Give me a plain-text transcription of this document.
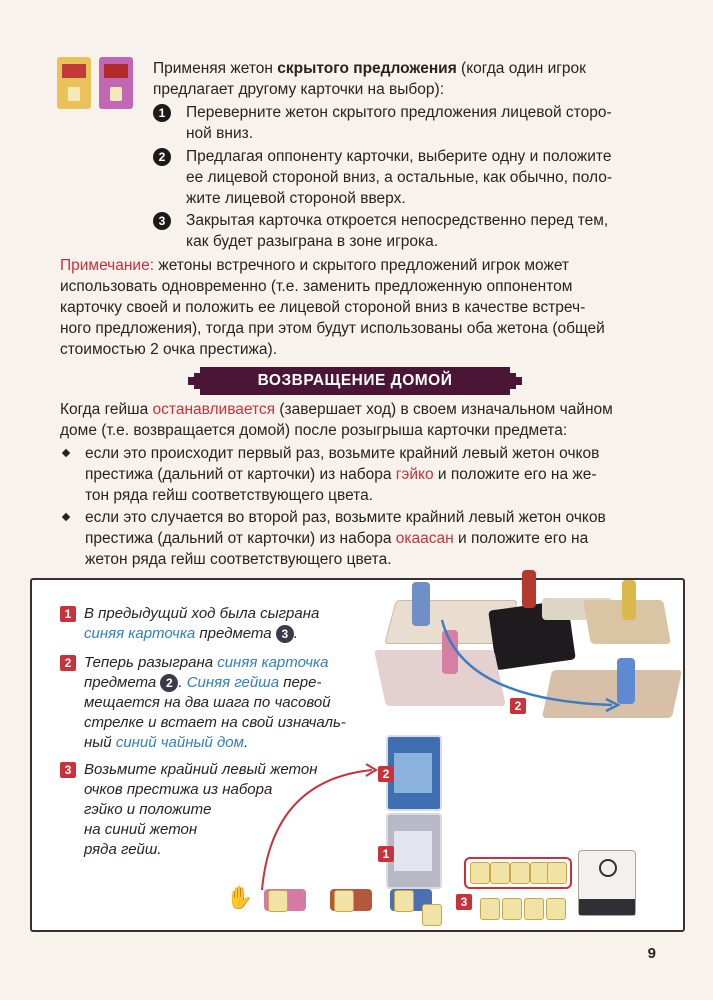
Применяя жетон скрытого предложения (когда один игрок

предлагает другому карточки на выбор):

1	Переверните жетон скрытого предложения лицевой сторо-
ной вниз.

2	Предлагая оппоненту карточки, выберите одну и положите
ее лицевой стороной вниз, а остальные, как обычно, поло-
жите лицевой стороной вверх.

3	Закрытая карточка откроется непосредственно перед тем,
как будет разыграна в зоне игрока.

Примечание: жетоны встречного и скрытого предложений игрок может
использовать одновременно (т.е. заменить предложенную оппонентом
карточку своей и положить ее лицевой стороной вниз в качестве встреч-
ного предложения), тогда при этом будут использованы оба жетона (общей
стоимостью 2 очка престижа).

ВОЗВРАЩЕНИЕ ДОМОЙ

Когда гейша останавливается (завершает ход) в своем изначальном чайном
доме (т.е. возвращается домой) после розыгрыша карточки предмета:

если это происходит первый раз, возьмите крайний левый жетон очков
престижа (дальний от карточки) из набора гэйко и положите его на же-
тон ряда гейш соответствующего цвета.

если это случается во второй раз, возьмите крайний левый жетон очков
престижа (дальний от карточки) из набора окаасан и положите его на
жетон ряда гейш соответствующего цвета.

1 В предыдущий ход была сыграна
синяя карточка предмета 3 .

2 Теперь разыграна синяя карточка
предмета 2 . Синяя гейша пере-
мещается на два шага по часовой
стрелке и встает на свой изначаль-
ный синий чайный дом.

3 Возьмите крайний левый жетон
очков престижа из набора
гэйко и положите
на синий жетон
ряда гейш.

2
2
1
✋	3
9
